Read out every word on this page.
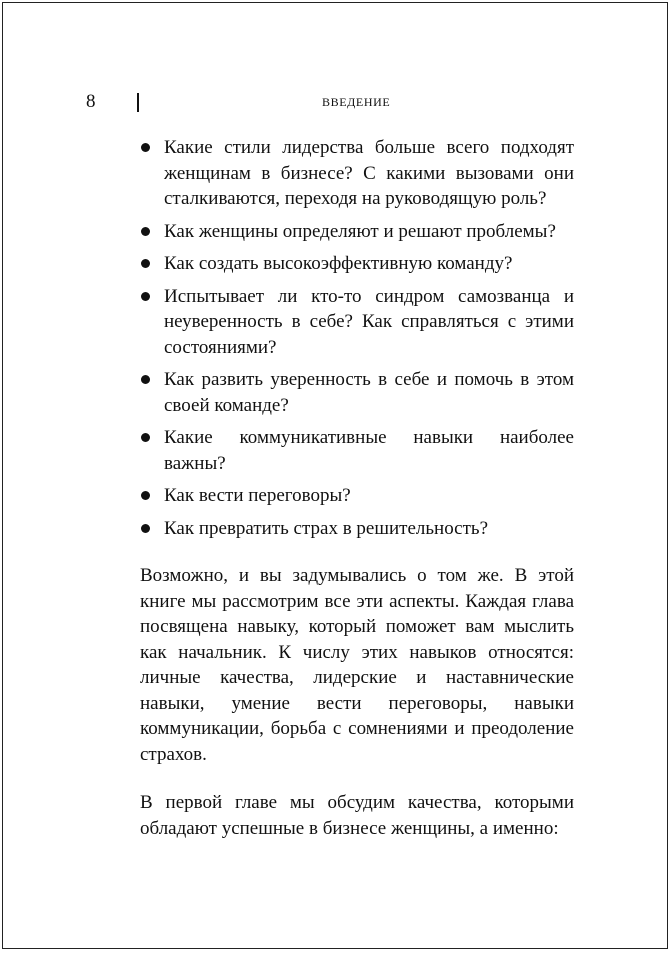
8	ВВЕДЕНИЕ
Какие стили лидерства больше всего подходят женщинам в бизнесе? С какими вызовами они сталкиваются, переходя на руководящую роль?
Как женщины определяют и решают проблемы?
Как создать высокоэффективную команду?
Испытывает ли кто-то синдром самозванца и неуверенность в себе? Как справляться с этими состояниями?
Как развить уверенность в себе и помочь в этом своей команде?
Какие коммуникативные навыки наиболее важны?
Как вести переговоры?
Как превратить страх в решительность?

Возможно, и вы задумывались о том же. В этой книге мы рассмотрим все эти аспекты. Каждая глава посвящена навыку, который поможет вам мыслить как начальник. К числу этих навыков относятся: личные качества, лидерские и наставнические навыки, умение вести переговоры, навыки коммуникации, борьба с сомнениями и преодоление страхов.

В первой главе мы обсудим качества, которыми обладают успешные в бизнесе женщины, а именно:
